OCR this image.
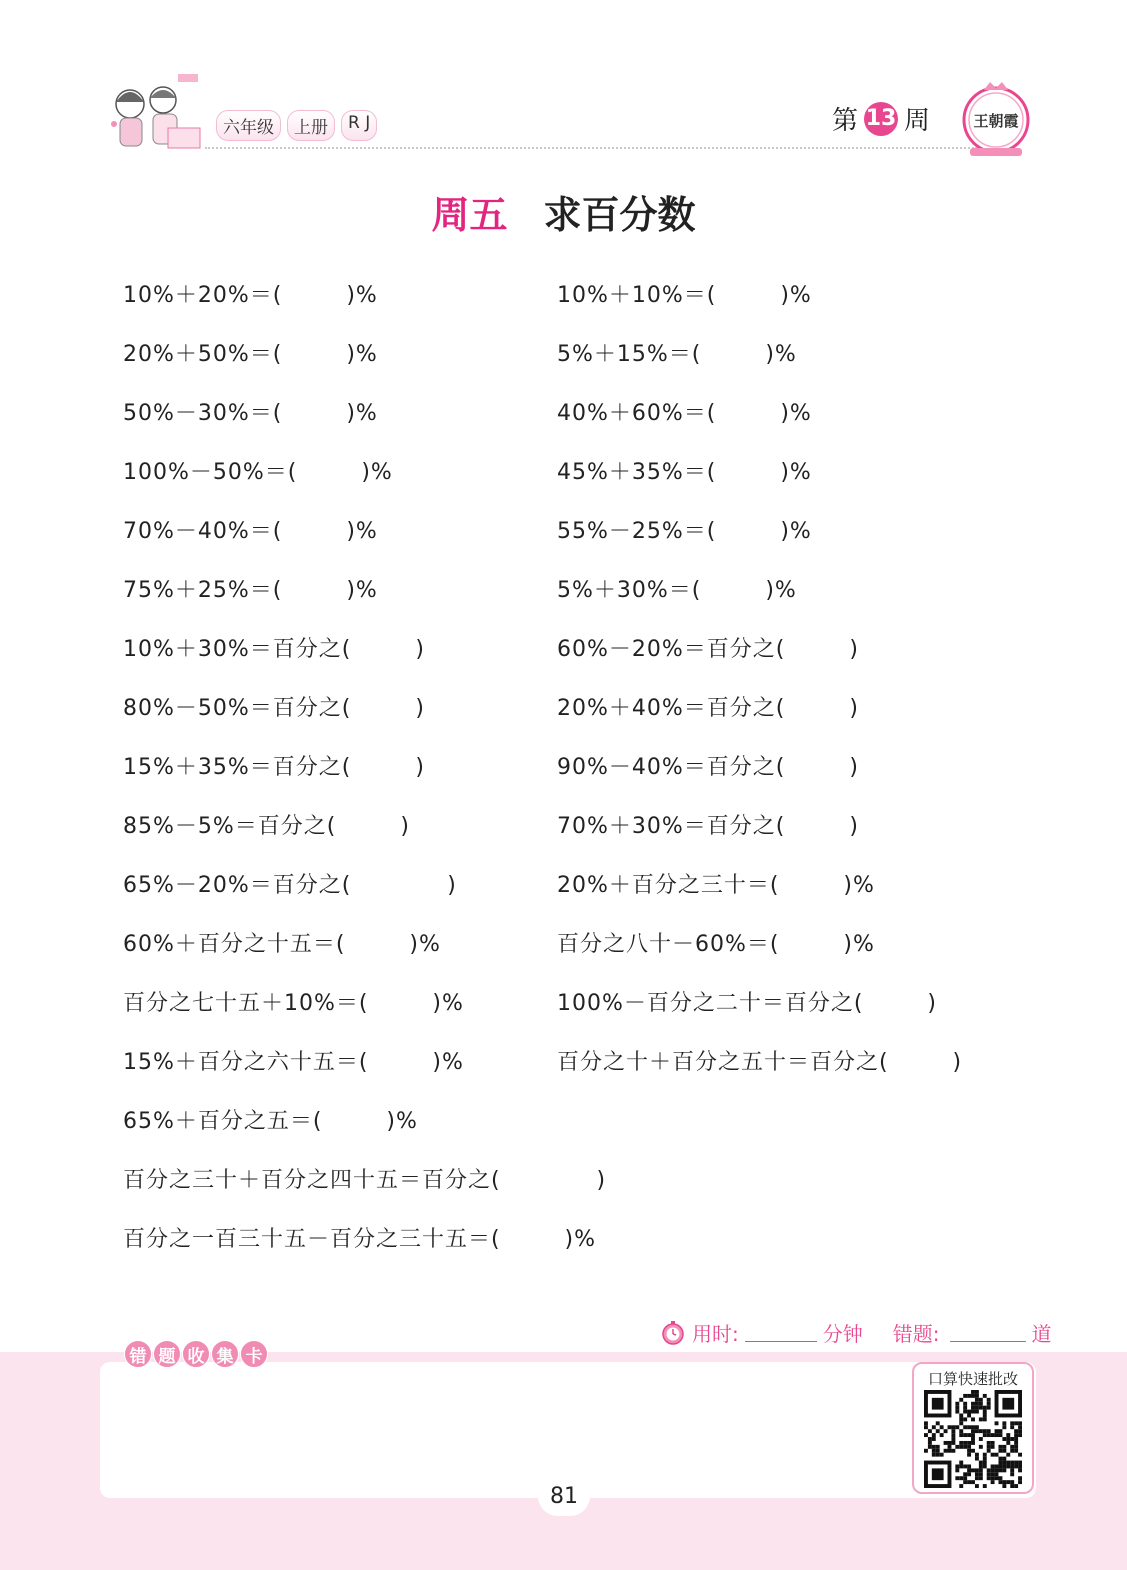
六年级	上册	R J	第 13 周	王朝霞
周五 求百分数
10%＋20%＝(        )%	10%＋10%＝(        )%
20%＋50%＝(        )%	5%＋15%＝(        )%
50%－30%＝(        )%	40%＋60%＝(        )%
100%－50%＝(        )%	45%＋35%＝(        )%
70%－40%＝(        )%	55%－25%＝(        )%
75%＋25%＝(        )%	5%＋30%＝(        )%
10%＋30%＝百分之(        )	60%－20%＝百分之(        )
80%－50%＝百分之(        )	20%＋40%＝百分之(        )
15%＋35%＝百分之(        )	90%－40%＝百分之(        )
85%－5%＝百分之(        )	70%＋30%＝百分之(        )
65%－20%＝百分之(            )	20%＋百分之三十＝(        )%
60%＋百分之十五＝(        )%	百分之八十－60%＝(        )%
百分之七十五＋10%＝(        )%	100%－百分之二十＝百分之(        )
15%＋百分之六十五＝(        )%	百分之十＋百分之五十＝百分之(        )
65%＋百分之五＝(        )%
百分之三十＋百分之四十五＝百分之(            )
百分之一百三十五－百分之三十五＝(        )%
用时:	分钟 错题:	道
错 题 收 集 卡
口算快速批改
81
